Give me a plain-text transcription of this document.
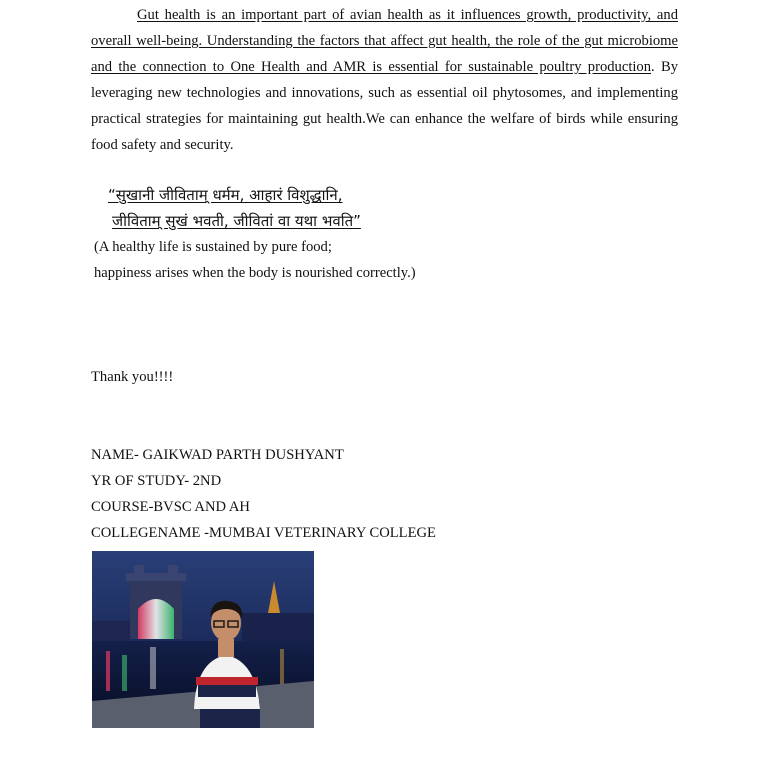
Gut health is an important part of avian health as it influences growth, productivity, and overall well-being. Understanding the factors that affect gut health, the role of the gut microbiome and the connection to One Health and AMR is essential for sustainable poultry production. By leveraging new technologies and innovations, such as essential oil phytosomes, and implementing practical strategies for maintaining gut health.We can enhance the welfare of birds while ensuring food safety and security.

“सुखानी जीविताम् धर्मम, आहारं विशुद्धानि,
जीविताम् सुखं भवती, जीवितां वा यथा भवति”
(A healthy life is sustained by pure food;
happiness arises when the body is nourished correctly.)
Thank you!!!!
NAME- GAIKWAD PARTH DUSHYANT
YR OF STUDY- 2ND
COURSE-BVSC AND AH
COLLEGENAME -MUMBAI VETERINARY COLLEGE
